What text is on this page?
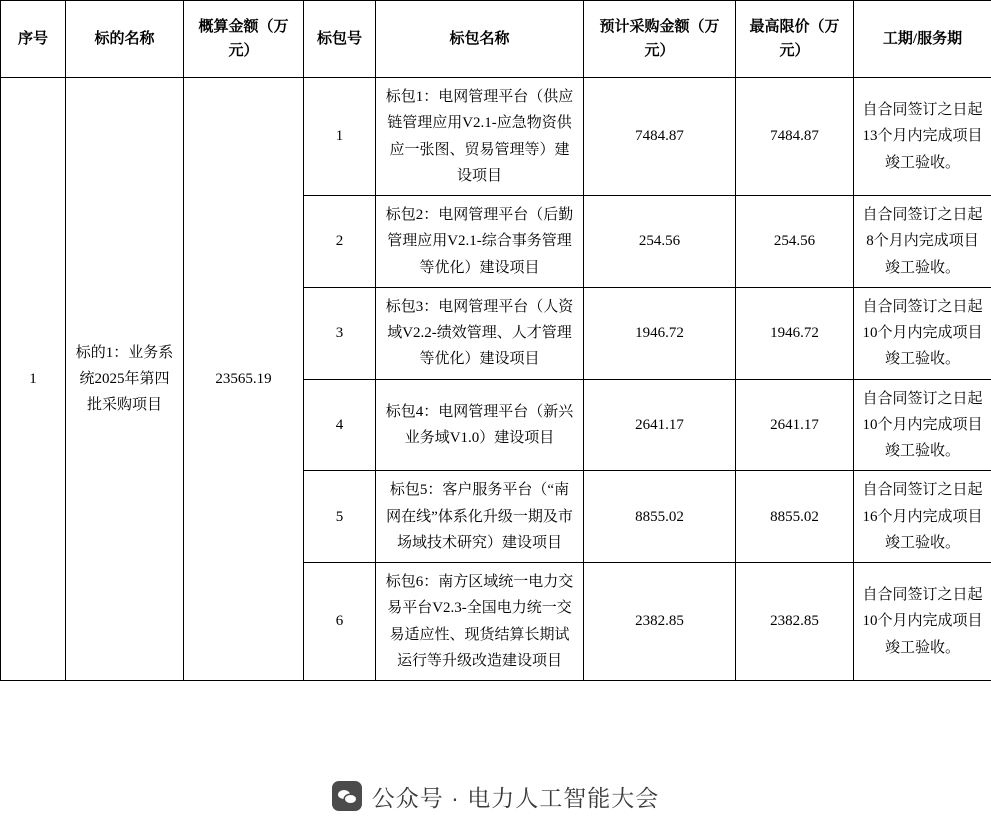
序号	标的名称	概算金额（万元）	标包号	标包名称	预计采购金额（万元）	最高限价（万元）	工期/服务期
1	标的1：业务系统2025年第四批采购项目	23565.19	1	标包1：电网管理平台（供应链管理应用V2.1-应急物资供应一张图、贸易管理等）建设项目	7484.87	7484.87	自合同签订之日起13个月内完成项目竣工验收。
			2	标包2：电网管理平台（后勤管理应用V2.1-综合事务管理等优化）建设项目	254.56	254.56	自合同签订之日起8个月内完成项目竣工验收。
			3	标包3：电网管理平台（人资域V2.2-绩效管理、人才管理等优化）建设项目	1946.72	1946.72	自合同签订之日起10个月内完成项目竣工验收。
			4	标包4：电网管理平台（新兴业务域V1.0）建设项目	2641.17	2641.17	自合同签订之日起10个月内完成项目竣工验收。
			5	标包5：客户服务平台（“南网在线”体系化升级一期及市场域技术研究）建设项目	8855.02	8855.02	自合同签订之日起16个月内完成项目竣工验收。
			6	标包6：南方区域统一电力交易平台V2.3-全国电力统一交易适应性、现货结算长期试运行等升级改造建设项目	2382.85	2382.85	自合同签订之日起10个月内完成项目竣工验收。
公众号 · 电力人工智能大会
